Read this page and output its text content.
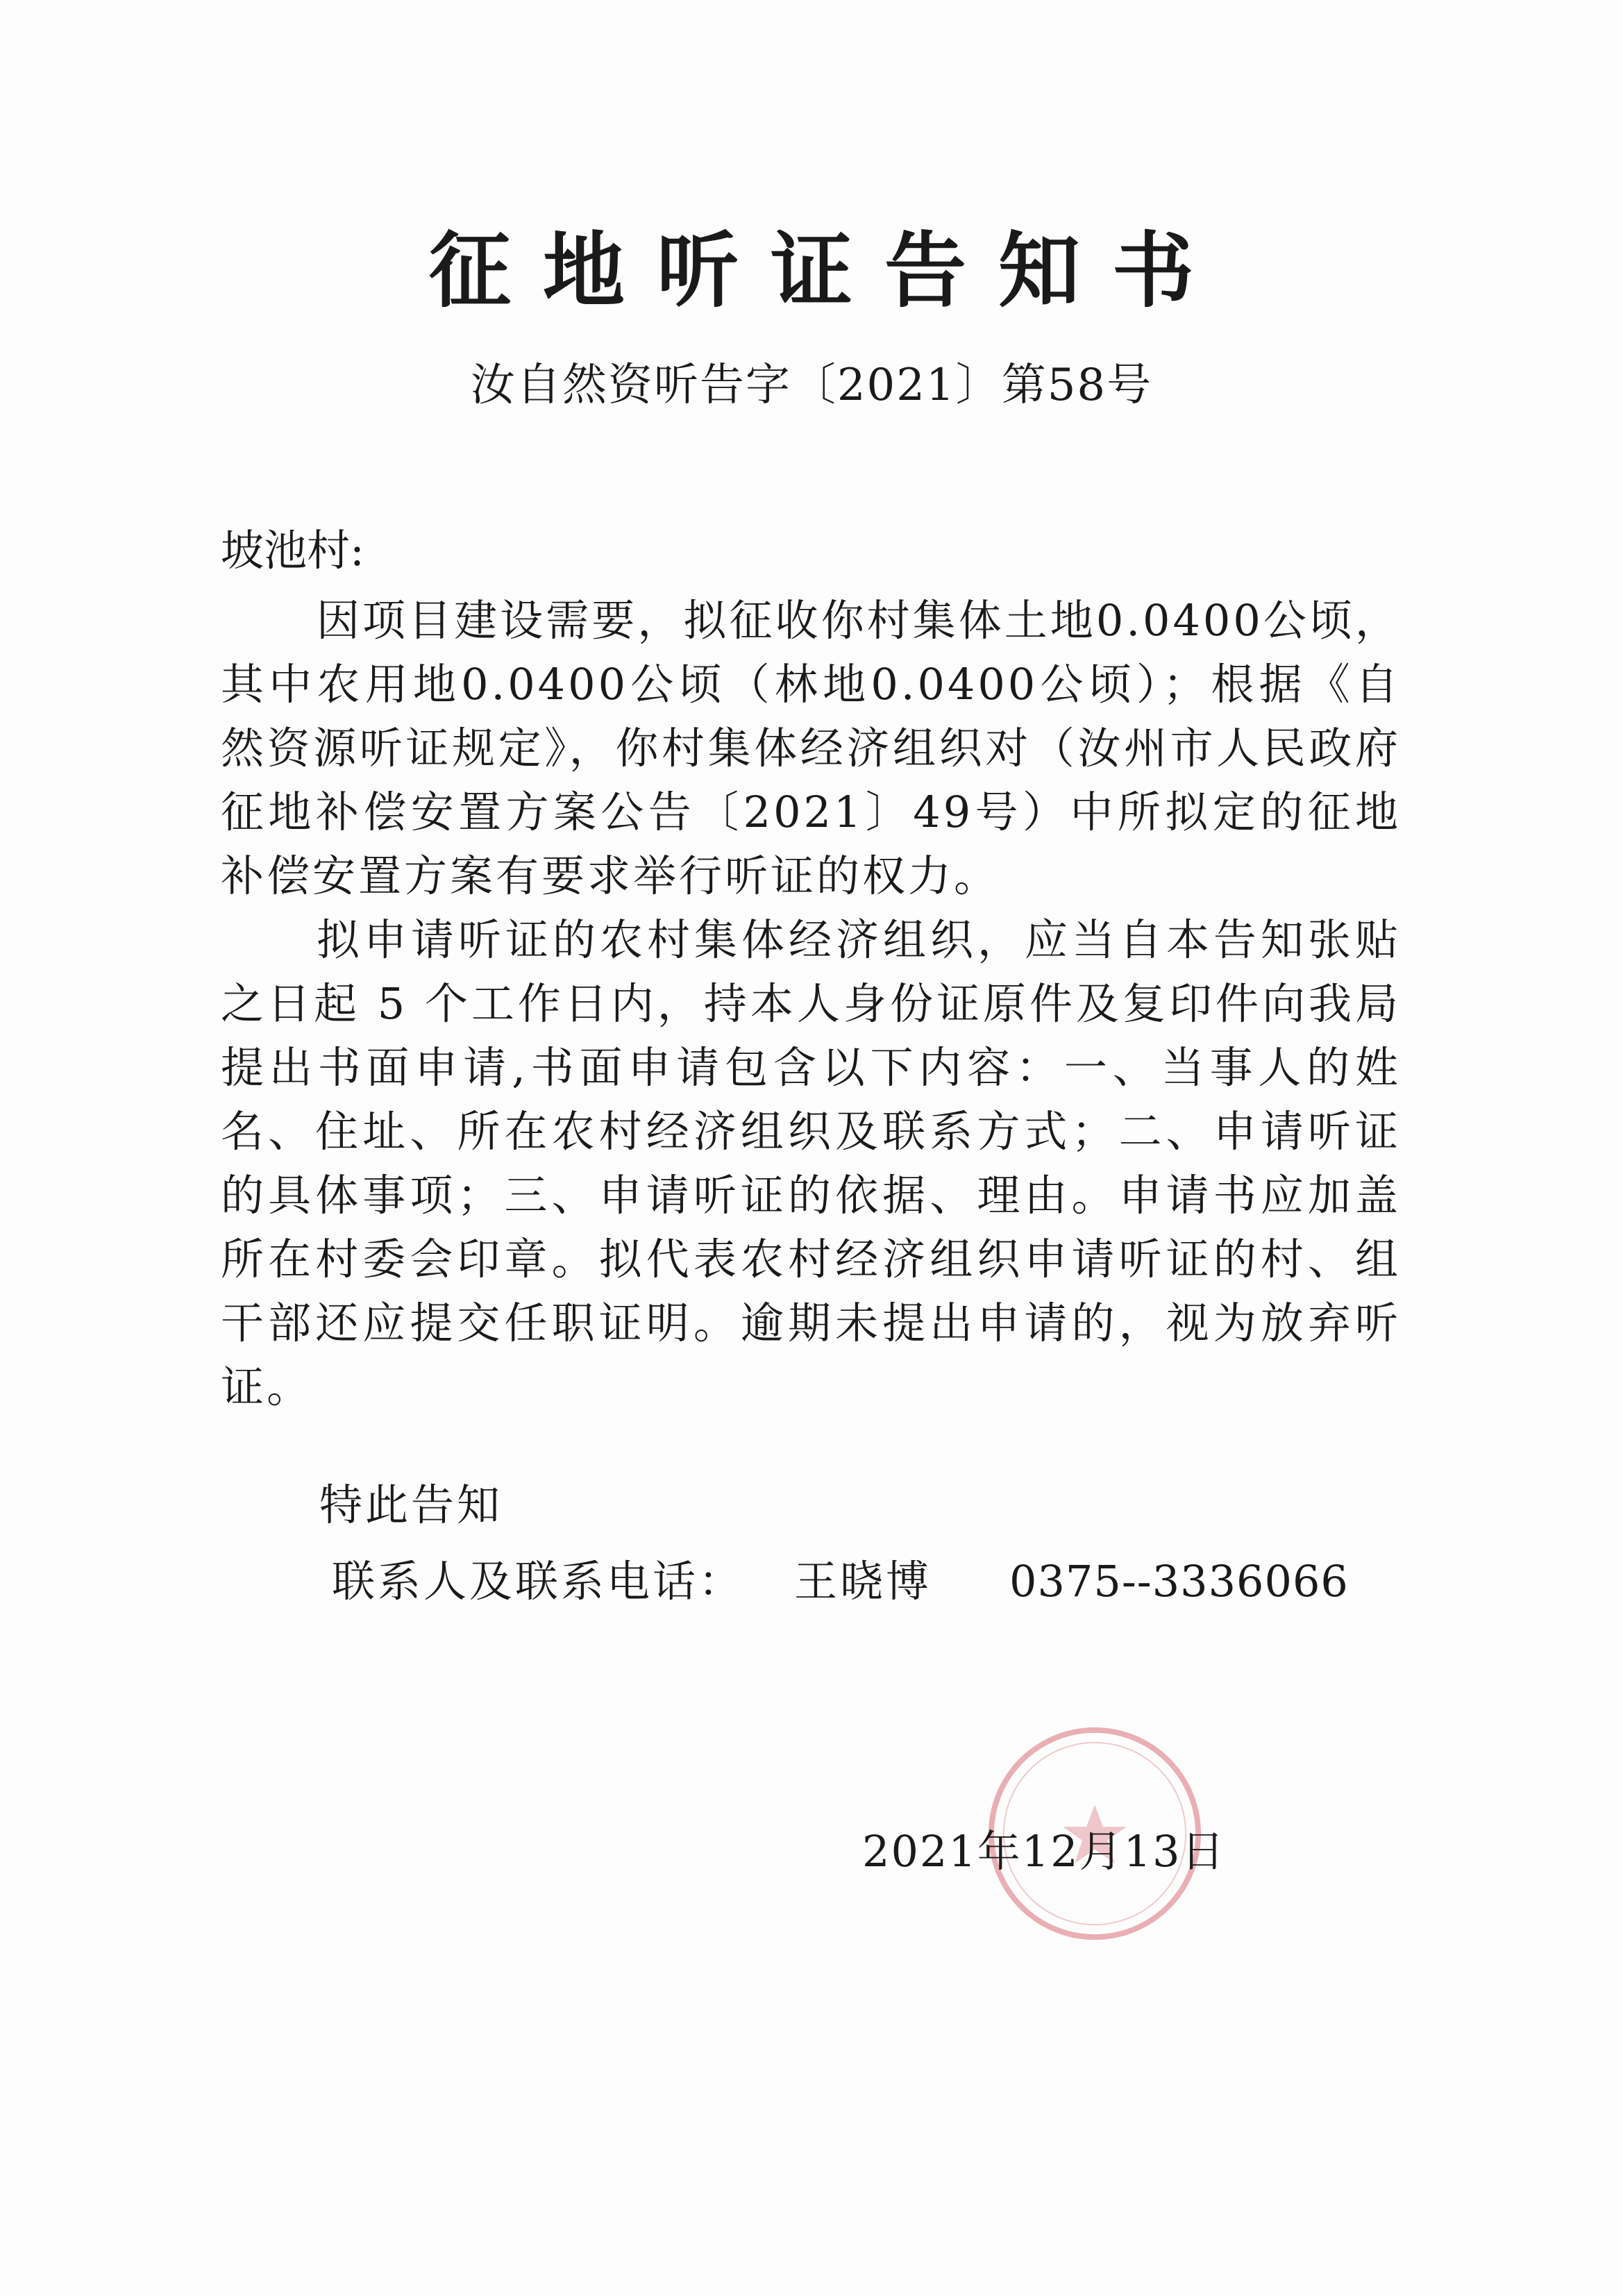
征地听证告知书
汝自然资听告字〔2021〕第58号
坡池村:

因项目建设需要，拟征收你村集体土地0.0400公顷，其中农用地0.0400公顷（林地0.0400公顷）；根据《自然资源听证规定》，你村集体经济组织对（汝州市人民政府征地补偿安置方案公告〔2021〕49号）中所拟定的征地补偿安置方案有要求举行听证的权力。

拟申请听证的农村集体经济组织，应当自本告知张贴之日起 5 个工作日内，持本人身份证原件及复印件向我局提出书面申请,书面申请包含以下内容：一、当事人的姓名、住址、所在农村经济组织及联系方式；二、申请听证的具体事项；三、申请听证的依据、理由。申请书应加盖所在村委会印章。拟代表农村经济组织申请听证的村、组干部还应提交任职证明。逾期未提出申请的，视为放弃听证。

特此告知
联系人及联系电话： 王晓博 0375--3336066
2021年12月13日
